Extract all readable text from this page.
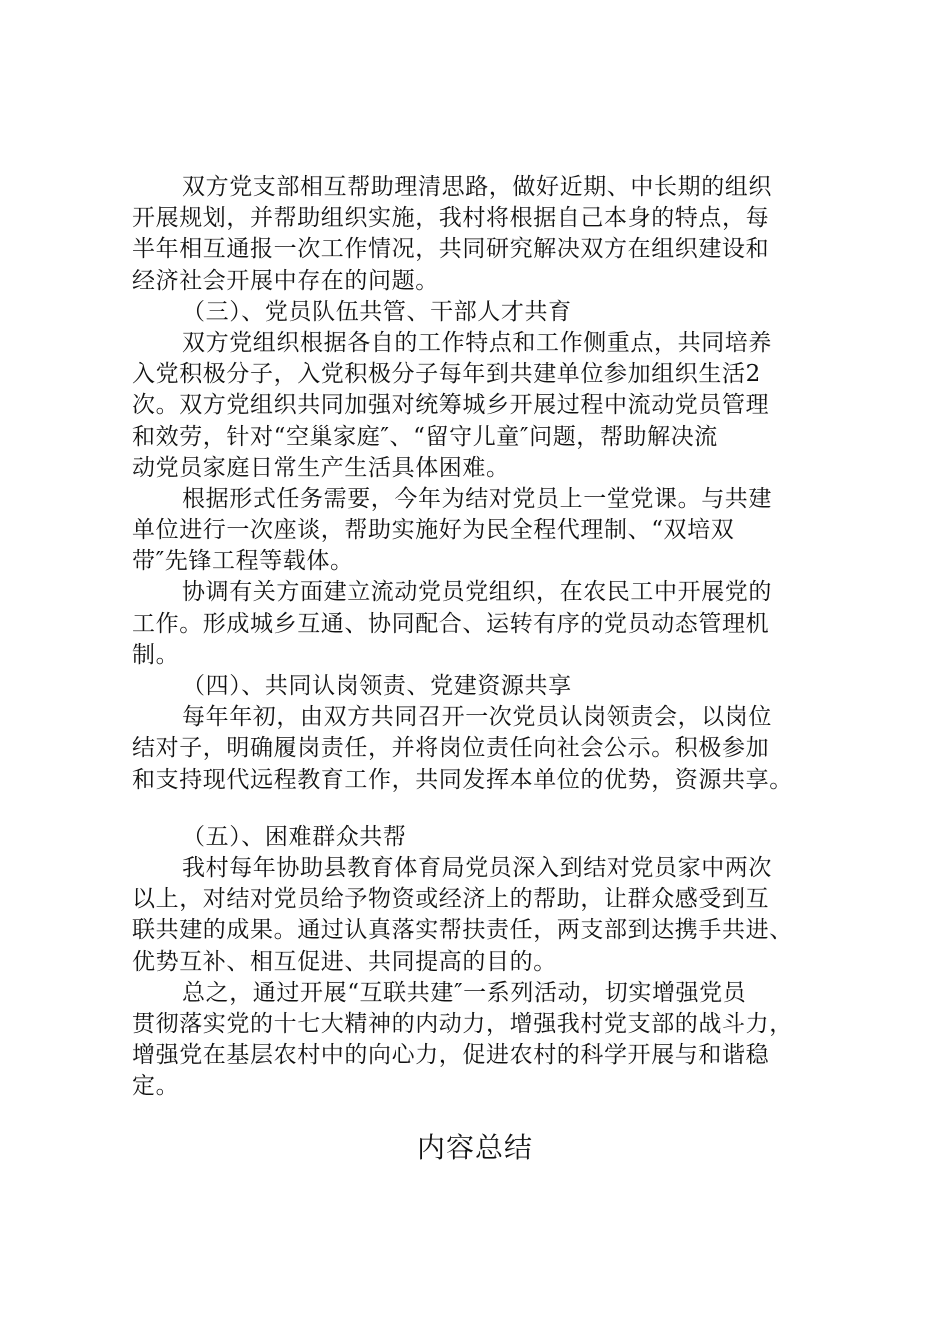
双方党支部相互帮助理清思路，做好近期、中长期的组织
开展规划，并帮助组织实施，我村将根据自己本身的特点，每
半年相互通报一次工作情况，共同研究解决双方在组织建设和
经济社会开展中存在的问题。
（三）、党员队伍共管、干部人才共育
双方党组织根据各自的工作特点和工作侧重点，共同培养
入党积极分子，入党积极分子每年到共建单位参加组织生活2
次。双方党组织共同加强对统筹城乡开展过程中流动党员管理
和效劳，针对“空巢家庭″、“留守儿童″问题，帮助解决流
动党员家庭日常生产生活具体困难。
根据形式任务需要，今年为结对党员上一堂党课。与共建
单位进行一次座谈，帮助实施好为民全程代理制、“双培双
带″先锋工程等载体。
协调有关方面建立流动党员党组织，在农民工中开展党的
工作。形成城乡互通、协同配合、运转有序的党员动态管理机
制。
（四）、共同认岗领责、党建资源共享
每年年初，由双方共同召开一次党员认岗领责会，以岗位
结对子，明确履岗责任，并将岗位责任向社会公示。积极参加
和支持现代远程教育工作，共同发挥本单位的优势，资源共享。
（五）、困难群众共帮
我村每年协助县教育体育局党员深入到结对党员家中两次
以上，对结对党员给予物资或经济上的帮助，让群众感受到互
联共建的成果。通过认真落实帮扶责任，两支部到达携手共进、
优势互补、相互促进、共同提高的目的。
总之，通过开展“互联共建″一系列活动，切实增强党员
贯彻落实党的十七大精神的内动力，增强我村党支部的战斗力，
增强党在基层农村中的向心力，促进农村的科学开展与和谐稳
定。
内容总结
